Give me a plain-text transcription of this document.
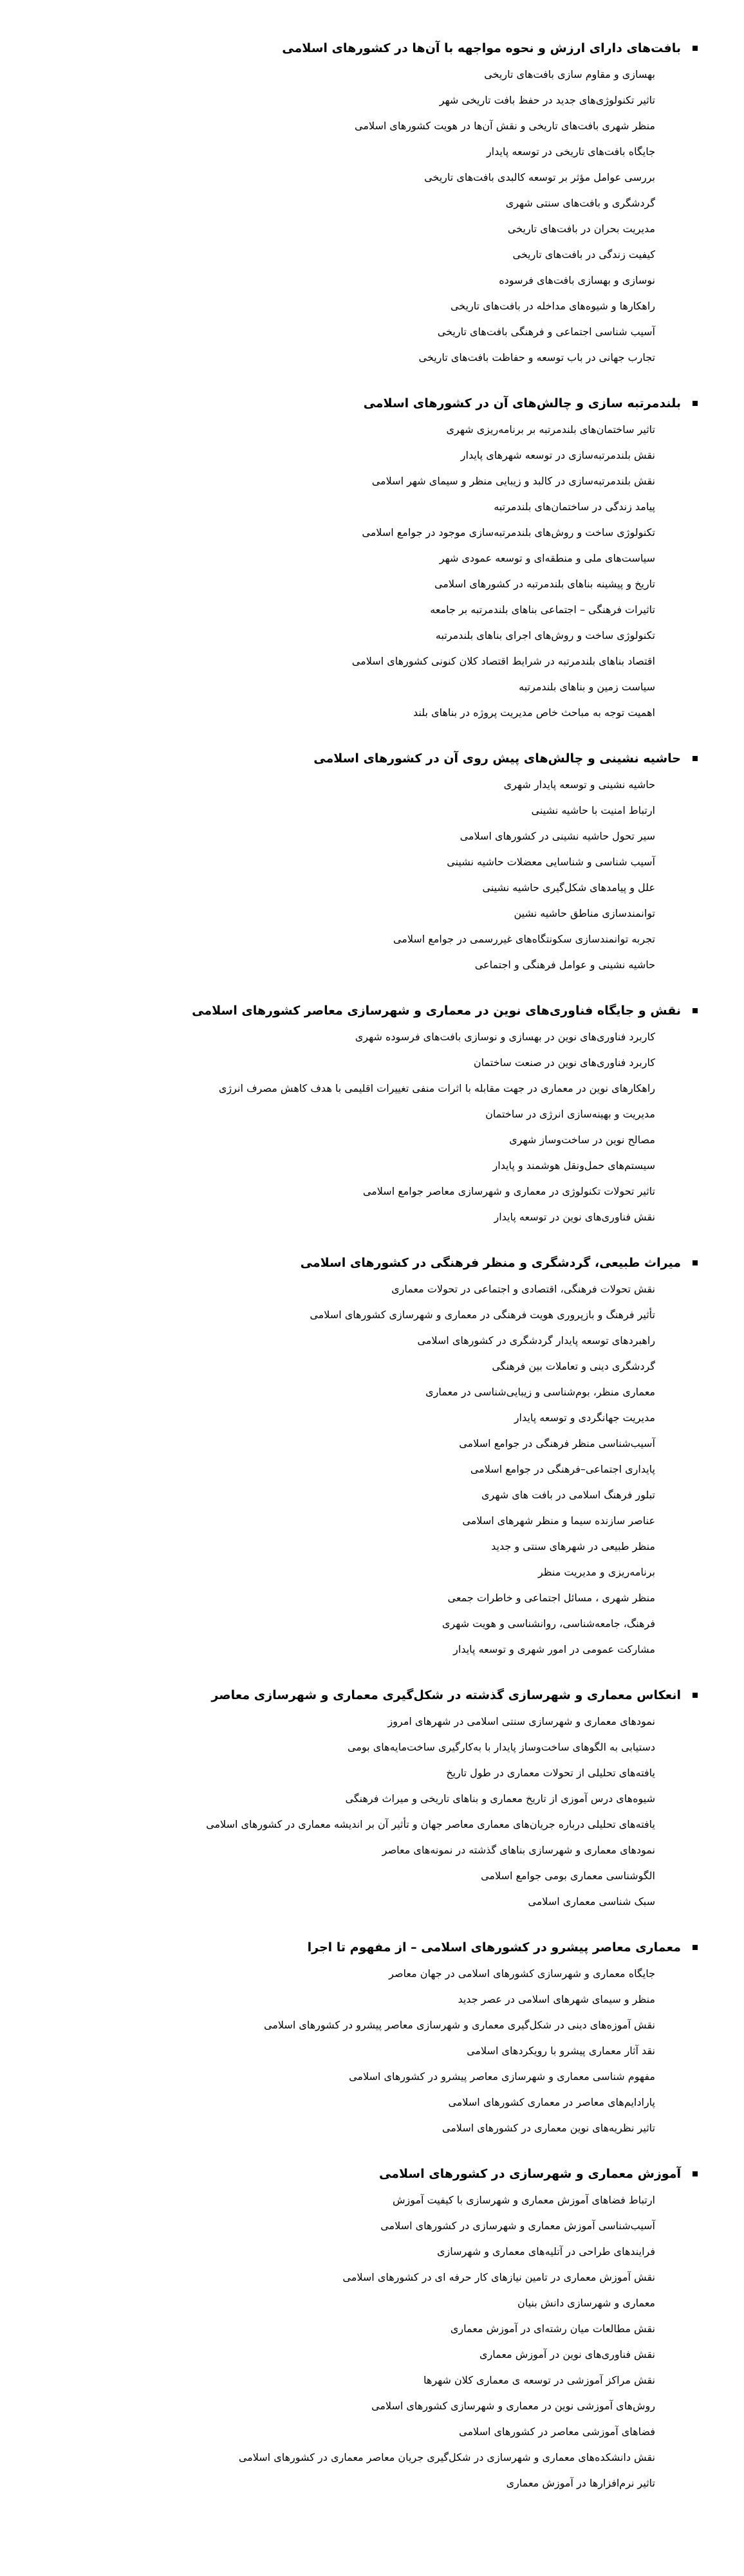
بافت‌های دارای ارزش و نحوه مواجهه با آن‌ها در کشورهای اسلامی
بهسازی و مقاوم سازی بافت‌های تاریخی
تاثیر تکنولوژی‌های جدید در حفظ بافت تاریخی شهر
منظر شهری بافت‌های تاریخی و نقش آن‌ها در هویت کشورهای اسلامی
جایگاه بافت‌های تاریخی در توسعه پایدار
بررسی عوامل مؤثر بر توسعه کالبدی بافت‌های تاریخی
گردشگری و بافت‌های سنتی شهری
مدیریت بحران در بافت‌های تاریخی
کیفیت زندگی در بافت‌های تاریخی
نوسازی و بهسازی بافت‌های فرسوده
راهکارها و شیوه‌های مداخله در بافت‌های تاریخی
آسیب شناسی اجتماعی و فرهنگی بافت‌های تاریخی
تجارب جهانی در باب توسعه و حفاظت بافت‌های تاریخی
بلندمرتبه سازی و چالش‌های آن در کشورهای اسلامی
تاثیر ساختمان‌های بلندمرتبه بر برنامه‌ریزی شهری
نقش بلندمرتبه‌سازی در توسعه شهرهای پایدار
نقش بلندمرتبه‌سازی در کالبد و زیبایی منظر و سیمای شهر اسلامی
پیامد زندگی در ساختمان‌های بلندمرتبه
تکنولوژی ساخت و روش‌های بلندمرتبه‌سازی موجود در جوامع اسلامی
سیاست‌های ملی و منطقه‌ای و توسعه عمودی شهر
تاریخ و پیشینه بناهای بلندمرتبه در کشورهای اسلامی
تاثیرات فرهنگی – اجتماعی بناهای بلندمرتبه بر جامعه
تکنولوژی ساخت و روش‌های اجرای بناهای بلندمرتبه
اقتصاد بناهای بلندمرتبه در شرایط اقتصاد کلان کنونی کشورهای اسلامی
سیاست زمین و بناهای بلندمرتبه
اهمیت توجه به مباحث خاص مدیریت پروژه در بناهای بلند
حاشیه نشینی و چالش‌های پیش روی آن در کشورهای اسلامی
حاشیه نشینی و توسعه پایدار شهری
ارتباط امنیت با حاشیه نشینی
سیر تحول حاشیه نشینی در کشورهای اسلامی
آسیب شناسی و شناسایی معضلات حاشیه نشینی
علل و پیامدهای شکل‌گیری حاشیه نشینی
توانمندسازی مناطق حاشیه نشین
تجربه توانمندسازی سکونتگاه‌های غیررسمی در جوامع اسلامی
حاشیه نشینی و عوامل فرهنگی و اجتماعی
نقش و جایگاه فناوری‌های نوین در معماری و شهرسازی معاصر کشورهای اسلامی
کاربرد فناوری‌های نوین در بهسازی و نوسازی بافت‌های فرسوده شهری
کاربرد فناوری‌های نوین در صنعت ساختمان
راهکارهای نوین در معماری در جهت مقابله با اثرات منفی تغییرات اقلیمی با هدف کاهش مصرف انرژی
مدیریت و بهینه‌سازی انرژی در ساختمان
مصالح نوین در ساخت‌وساز شهری
سیستم‌های حمل‌ونقل هوشمند و پایدار
تاثیر تحولات تکنولوژی در معماری و شهرسازی معاصر جوامع اسلامی
نقش فناوری‌های نوین در توسعه پایدار
میراث طبیعی، گردشگری و منظر فرهنگی در کشورهای اسلامی
نقش تحولات فرهنگی، اقتصادی و اجتماعی در تحولات معماری
تأثیر فرهنگ و بازپروری هویت فرهنگی در معماری و شهرسازی کشورهای اسلامی
راهبردهای توسعه پایدار گردشگری در کشورهای اسلامی
گردشگری دینی و تعاملات بین فرهنگی
معماری منظر، بوم‌شناسی و زیبایی‌شناسی در معماری
مدیریت جهانگردی و توسعه پایدار
آسیب‌شناسی منظر فرهنگی در جوامع اسلامی
پایداری اجتماعی–فرهنگی در جوامع اسلامی
تبلور فرهنگ اسلامی در بافت های شهری
عناصر سازنده سیما و منظر شهرهای اسلامی
منظر طبیعی در شهرهای سنتی و جدید
برنامه‌ریزی و مدیریت منظر
منظر شهری ، مسائل اجتماعی و خاطرات جمعی
فرهنگ، جامعه‌شناسی، روانشناسی و هویت شهری
مشارکت عمومی در امور شهری و توسعه پایدار
انعکاس معماری و شهرسازی گذشته در شکل‌گیری معماری و شهرسازی معاصر
نمودهای معماری و شهرسازی سنتی اسلامی در شهرهای امروز
دستیابی به الگوهای ساخت‌وساز پایدار با به‌کارگیری ساخت‌مایه‌های بومی
یافته‌های تحلیلی از تحولات معماری در طول تاریخ
شیوه‌های درس آموزی از تاریخ معماری و بناهای تاریخی و میراث فرهنگی
یافته‌های تحلیلی درباره جریان‌های معماری معاصر جهان و تأثیر آن بر اندیشه معماری در کشورهای اسلامی
نمودهای معماری و شهرسازی بناهای گذشته در نمونه‌های معاصر
الگوشناسی معماری بومی جوامع اسلامی
سبک شناسی معماری اسلامی
معماری معاصر پیشرو در کشورهای اسلامی – از مفهوم تا اجرا
جایگاه معماری و شهرسازی کشورهای اسلامی در جهان معاصر
منظر و سیمای شهرهای اسلامی در عصر جدید
نقش آموزه‌های دینی در شکل‌گیری معماری و شهرسازی معاصر پیشرو در کشورهای اسلامی
نقد آثار معماری پیشرو با رویکردهای اسلامی
مفهوم شناسی معماری و شهرسازی معاصر پیشرو در کشورهای اسلامی
پارادایم‌های معاصر در معماری کشورهای اسلامی
تاثیر نظریه‌های نوین معماری در کشورهای اسلامی
آموزش معماری و شهرسازی در کشورهای اسلامی
ارتباط فضاهای آموزش معماری و شهرسازی با کیفیت آموزش
آسیب‌شناسی آموزش معماری و شهرسازی در کشورهای اسلامی
فرایندهای طراحی در آتلیه‌های معماری و شهرسازی
نقش آموزش معماری در تامین نیازهای کار حرفه ای در کشورهای اسلامی
معماری و شهرسازی دانش بنیان
نقش مطالعات میان رشته‌ای در آموزش معماری
نقش فناوری‌های نوین در آموزش معماری
نقش مراکز آموزشی در توسعه ی معماری کلان شهرها
روش‌های آموزشی نوین در معماری و شهرسازی کشورهای اسلامی
فضاهای آموزشی معاصر در کشورهای اسلامی
نقش دانشکده‌های معماری و شهرسازی در شکل‌گیری جریان معاصر معماری در کشورهای اسلامی
تاثیر نرم‌افزارها در آموزش معماری
